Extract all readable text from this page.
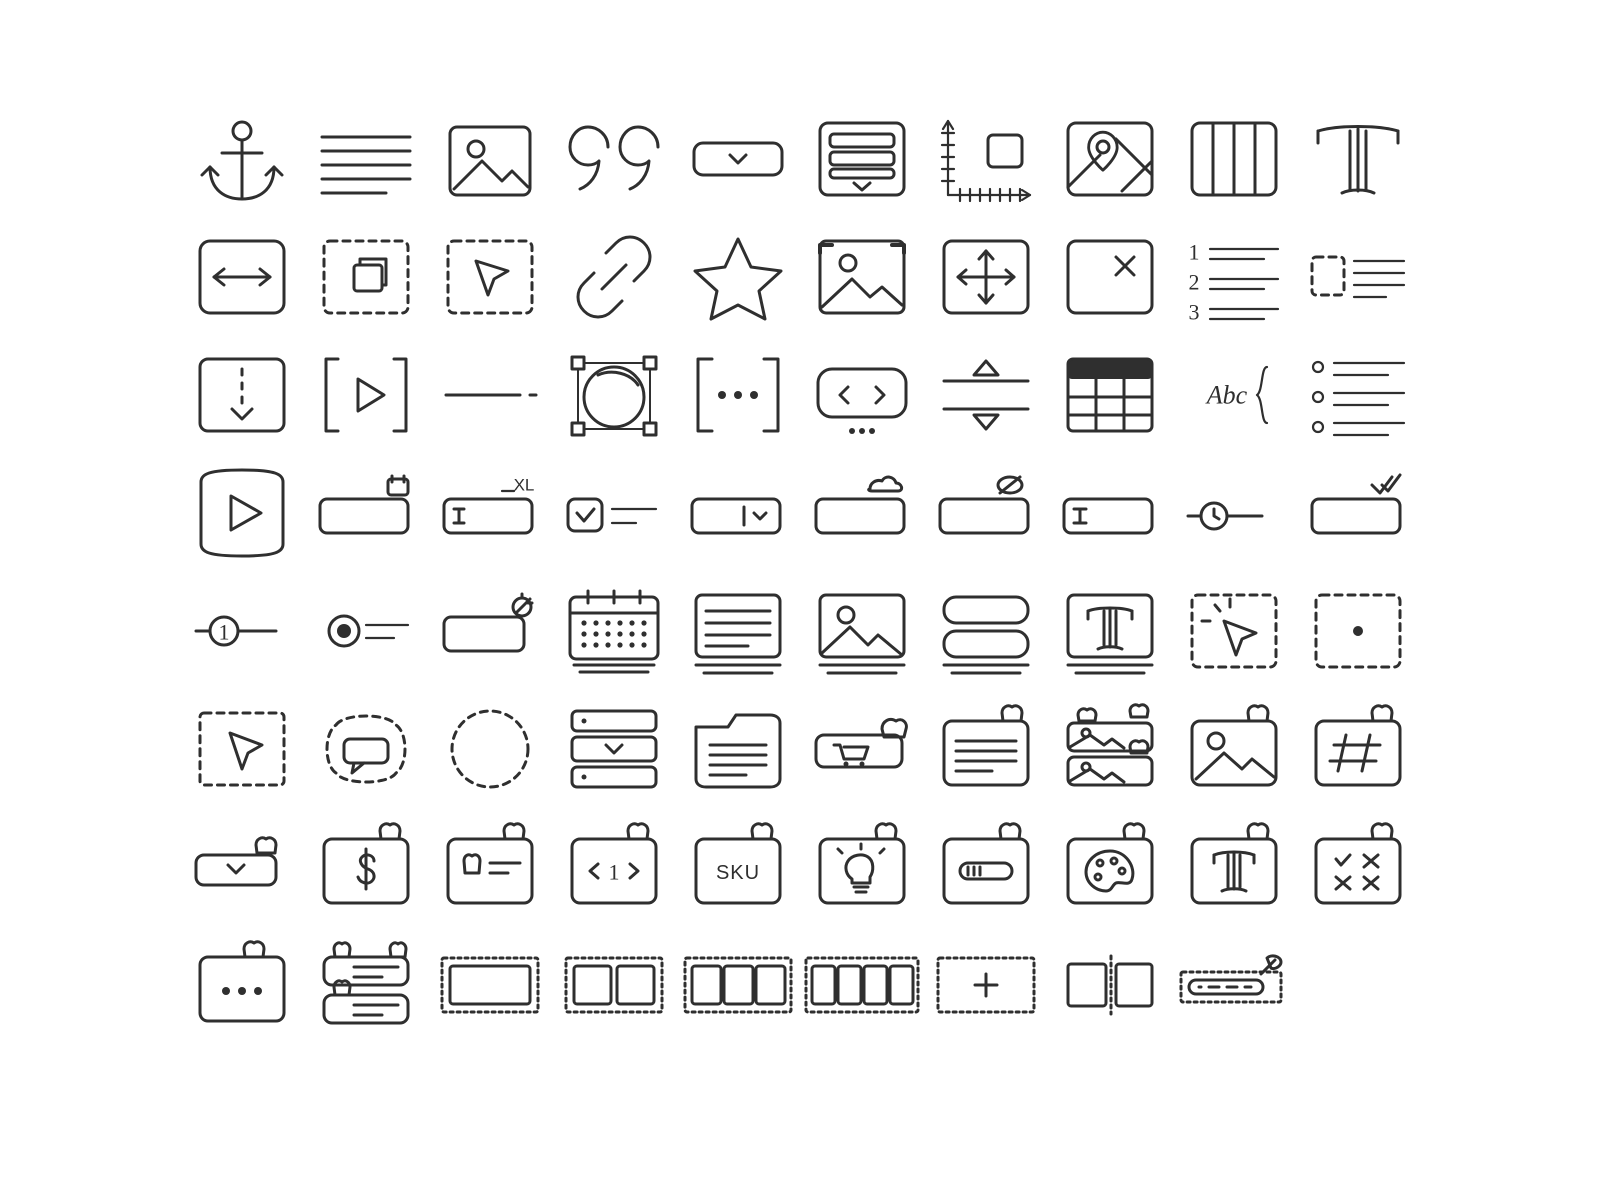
1
2
3
Abc
XL
1
1	SKU
